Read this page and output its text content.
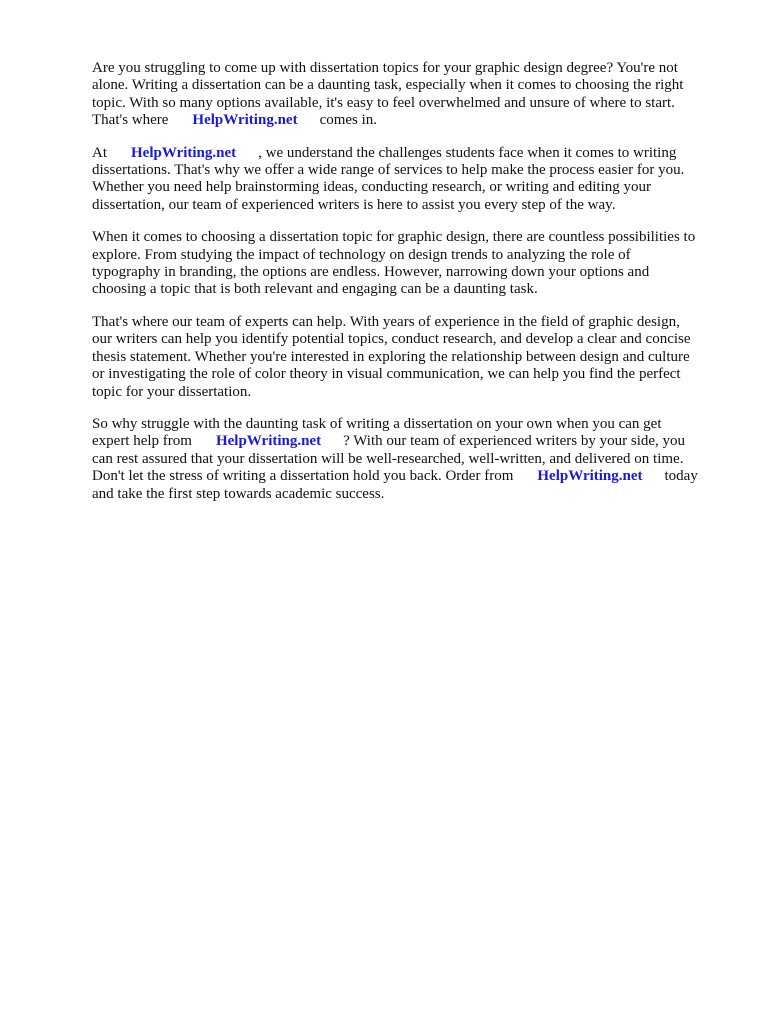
Are you struggling to come up with dissertation topics for your graphic design degree? You're not
alone. Writing a dissertation can be a daunting task, especially when it comes to choosing the right
topic. With so many options available, it's easy to feel overwhelmed and unsure of where to start.
That's where HelpWriting.net comes in.

At HelpWriting.net , we understand the challenges students face when it comes to writing
dissertations. That's why we offer a wide range of services to help make the process easier for you.
Whether you need help brainstorming ideas, conducting research, or writing and editing your
dissertation, our team of experienced writers is here to assist you every step of the way.

When it comes to choosing a dissertation topic for graphic design, there are countless possibilities to
explore. From studying the impact of technology on design trends to analyzing the role of
typography in branding, the options are endless. However, narrowing down your options and
choosing a topic that is both relevant and engaging can be a daunting task.

That's where our team of experts can help. With years of experience in the field of graphic design,
our writers can help you identify potential topics, conduct research, and develop a clear and concise
thesis statement. Whether you're interested in exploring the relationship between design and culture
or investigating the role of color theory in visual communication, we can help you find the perfect
topic for your dissertation.

So why struggle with the daunting task of writing a dissertation on your own when you can get
expert help from HelpWriting.net ? With our team of experienced writers by your side, you
can rest assured that your dissertation will be well-researched, well-written, and delivered on time.
Don't let the stress of writing a dissertation hold you back. Order from HelpWriting.net today
and take the first step towards academic success.
